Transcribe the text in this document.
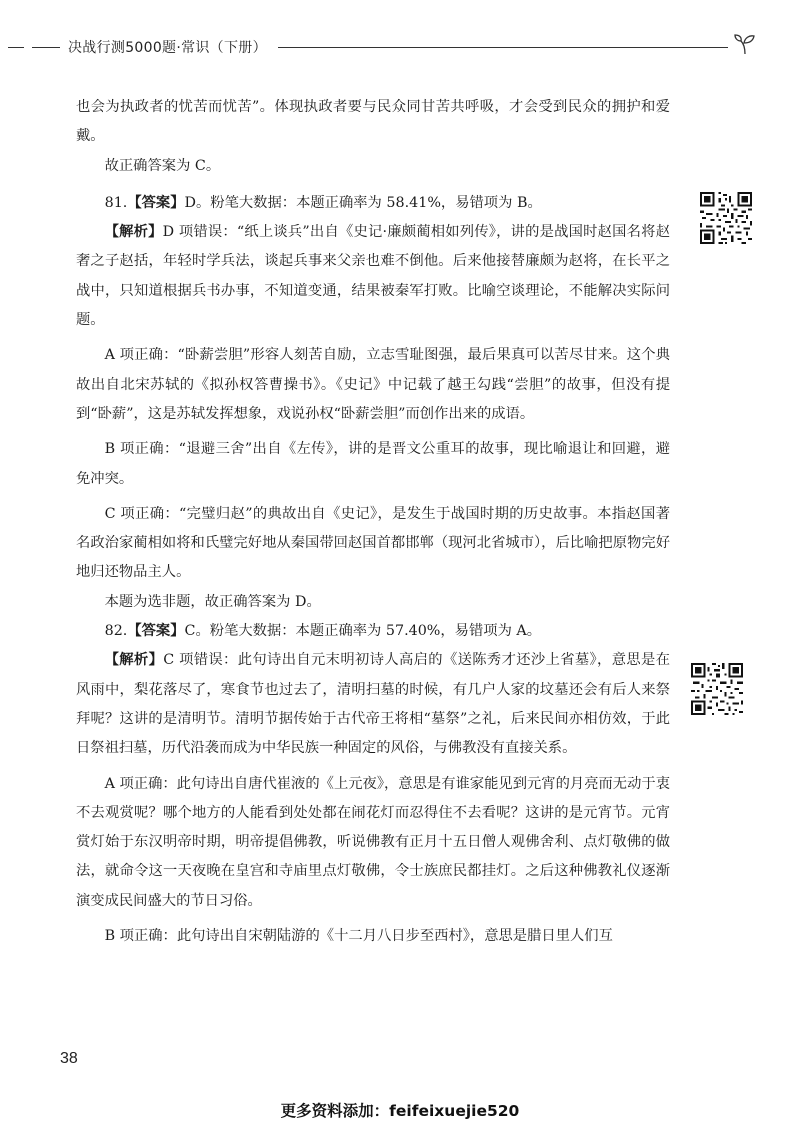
决战行测5000题·常识（下册）

也会为执政者的忧苦而忧苦”。体现执政者要与民众同甘苦共呼吸，才会受到民众的拥护和爱戴。

故正确答案为 C。

81.【答案】D。粉笔大数据：本题正确率为 58.41%，易错项为 B。

【解析】D 项错误：“纸上谈兵”出自《史记·廉颇蔺相如列传》，讲的是战国时赵国名将赵奢之子赵括，年轻时学兵法，谈起兵事来父亲也难不倒他。后来他接替廉颇为赵将，在长平之战中，只知道根据兵书办事，不知道变通，结果被秦军打败。比喻空谈理论，不能解决实际问题。

A 项正确：“卧薪尝胆”形容人刻苦自励，立志雪耻图强，最后果真可以苦尽甘来。这个典故出自北宋苏轼的《拟孙权答曹操书》。《史记》中记载了越王勾践“尝胆”的故事，但没有提到“卧薪”，这是苏轼发挥想象，戏说孙权“卧薪尝胆”而创作出来的成语。

B 项正确：“退避三舍”出自《左传》，讲的是晋文公重耳的故事，现比喻退让和回避，避免冲突。

C 项正确：“完璧归赵”的典故出自《史记》，是发生于战国时期的历史故事。本指赵国著名政治家蔺相如将和氏璧完好地从秦国带回赵国首都邯郸（现河北省城市），后比喻把原物完好地归还物品主人。

本题为选非题，故正确答案为 D。

82.【答案】C。粉笔大数据：本题正确率为 57.40%，易错项为 A。

【解析】C 项错误：此句诗出自元末明初诗人高启的《送陈秀才还沙上省墓》，意思是在风雨中，梨花落尽了，寒食节也过去了，清明扫墓的时候，有几户人家的坟墓还会有后人来祭拜呢？这讲的是清明节。清明节据传始于古代帝王将相“墓祭”之礼，后来民间亦相仿效，于此日祭祖扫墓，历代沿袭而成为中华民族一种固定的风俗，与佛教没有直接关系。

A 项正确：此句诗出自唐代崔液的《上元夜》，意思是有谁家能见到元宵的月亮而无动于衷不去观赏呢？哪个地方的人能看到处处都在闹花灯而忍得住不去看呢？这讲的是元宵节。元宵赏灯始于东汉明帝时期，明帝提倡佛教，听说佛教有正月十五日僧人观佛舍利、点灯敬佛的做法，就命令这一天夜晚在皇宫和寺庙里点灯敬佛，令士族庶民都挂灯。之后这种佛教礼仪逐渐演变成民间盛大的节日习俗。

B 项正确：此句诗出自宋朝陆游的《十二月八日步至西村》，意思是腊日里人们互

38
更多资料添加：feifeixuejie520
